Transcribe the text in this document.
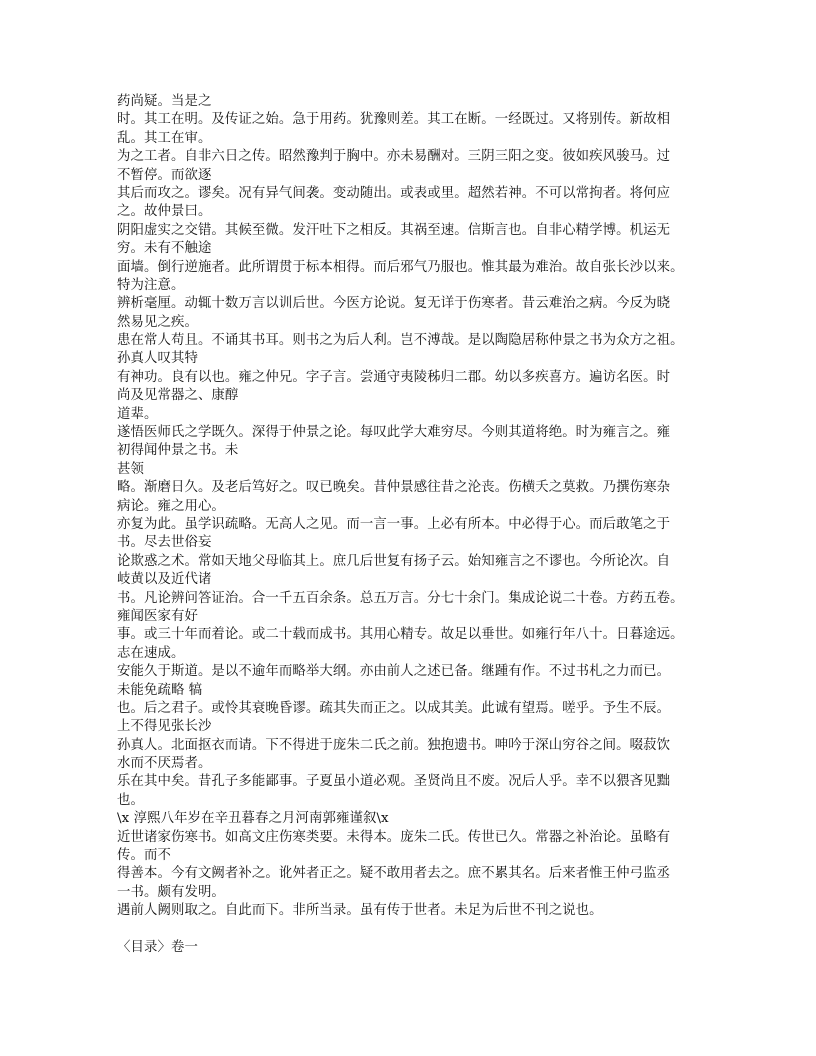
药尚疑。当是之
时。其工在明。及传证之始。急于用药。犹豫则差。其工在断。一经既过。又将别传。新故相
乱。其工在审。
为之工者。自非六日之传。昭然豫判于胸中。亦未易酬对。三阴三阳之变。彼如疾风骏马。过
不暂停。而欲逐
其后而攻之。谬矣。况有异气间袭。变动随出。或表或里。超然若神。不可以常拘者。将何应
之。故仲景曰。
阴阳虚实之交错。其候至微。发汗吐下之相反。其祸至速。信斯言也。自非心精学博。机运无
穷。未有不触途
面墙。倒行逆施者。此所谓贯于标本相得。而后邪气乃服也。惟其最为难治。故自张长沙以来。
特为注意。
辨析毫厘。动辄十数万言以训后世。今医方论说。复无详于伤寒者。昔云难治之病。今反为晓
然易见之疾。
患在常人苟且。不诵其书耳。则书之为后人利。岂不溥哉。是以陶隐居称仲景之书为众方之祖。
孙真人叹其特
有神功。良有以也。雍之仲兄。字子言。尝通守夷陵秭归二郡。幼以多疾喜方。遍访名医。时
尚及见常器之、康醇
道辈。
遂悟医师氏之学既久。深得于仲景之论。每叹此学大难穷尽。今则其道将绝。时为雍言之。雍
初得闻仲景之书。未
甚领
略。渐磨日久。及老后笃好之。叹已晚矣。昔仲景感往昔之沦丧。伤横夭之莫救。乃撰伤寒杂
病论。雍之用心。
亦复为此。虽学识疏略。无高人之见。而一言一事。上必有所本。中必得于心。而后敢笔之于
书。尽去世俗妄
论欺惑之术。常如天地父母临其上。庶几后世复有扬子云。始知雍言之不谬也。今所论次。自
岐黄以及近代诸
书。凡论辨问答证治。合一千五百余条。总五万言。分七十余门。集成论说二十卷。方药五卷。
雍闻医家有好
事。或三十年而着论。或二十载而成书。其用心精专。故足以垂世。如雍行年八十。日暮途远。
志在速成。
安能久于斯道。是以不逾年而略举大纲。亦由前人之述已备。继踵有作。不过书札之力而已。
未能免疏略 犒
也。后之君子。或怜其衰晚昏谬。疏其失而正之。以成其美。此诚有望焉。嗟乎。予生不辰。
上不得见张长沙
孙真人。北面抠衣而请。下不得进于庞朱二氏之前。独抱遗书。呻吟于深山穷谷之间。啜菽饮
水而不厌焉者。
乐在其中矣。昔孔子多能鄙事。子夏虽小道必观。圣贤尚且不废。况后人乎。幸不以猥吝见黜
也。
\x 淳熙八年岁在辛丑暮春之月河南郭雍谨叙\x
近世诸家伤寒书。如高文庄伤寒类要。未得本。庞朱二氏。传世已久。常器之补治论。虽略有
传。而不
得善本。今有文阙者补之。讹舛者正之。疑不敢用者去之。庶不累其名。后来者惟王仲弓监丞
一书。颇有发明。
遇前人阙则取之。自此而下。非所当录。虽有传于世者。未足为后世不刊之说也。
〈目录〉卷一
